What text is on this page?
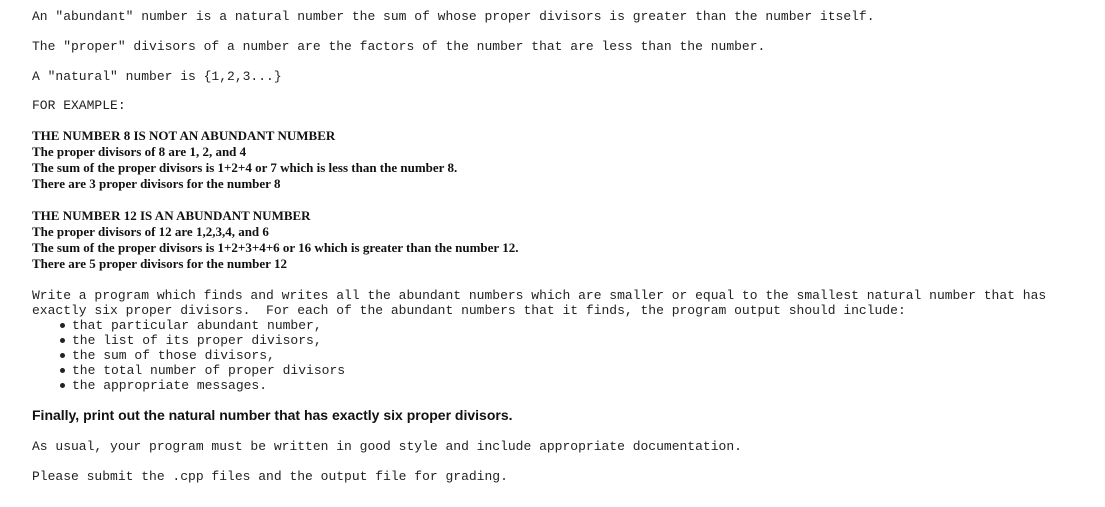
An "abundant" number is a natural number the sum of whose proper divisors is greater than the number itself.

The "proper" divisors of a number are the factors of the number that are less than the number.

A "natural" number is {1,2,3...}

FOR EXAMPLE:

THE NUMBER 8 IS NOT AN ABUNDANT NUMBER

The proper divisors of 8 are 1, 2, and 4

The sum of the proper divisors is 1+2+4 or 7 which is less than the number 8.

There are 3 proper divisors for the number 8

THE NUMBER 12 IS AN ABUNDANT NUMBER

The proper divisors of 12 are 1,2,3,4, and 6

The sum of the proper divisors is 1+2+3+4+6 or 16 which is greater than the number 12.

There are 5 proper divisors for the number 12

Write a program which finds and writes all the abundant numbers which are smaller or equal to the smallest natural number that has exactly six proper divisors.  For each of the abundant numbers that it finds, the program output should include:

that particular abundant number,
the list of its proper divisors,
the sum of those divisors,
the total number of proper divisors
the appropriate messages.

Finally, print out the natural number that has exactly six proper divisors.

As usual, your program must be written in good style and include appropriate documentation.

Please submit the .cpp files and the output file for grading.
